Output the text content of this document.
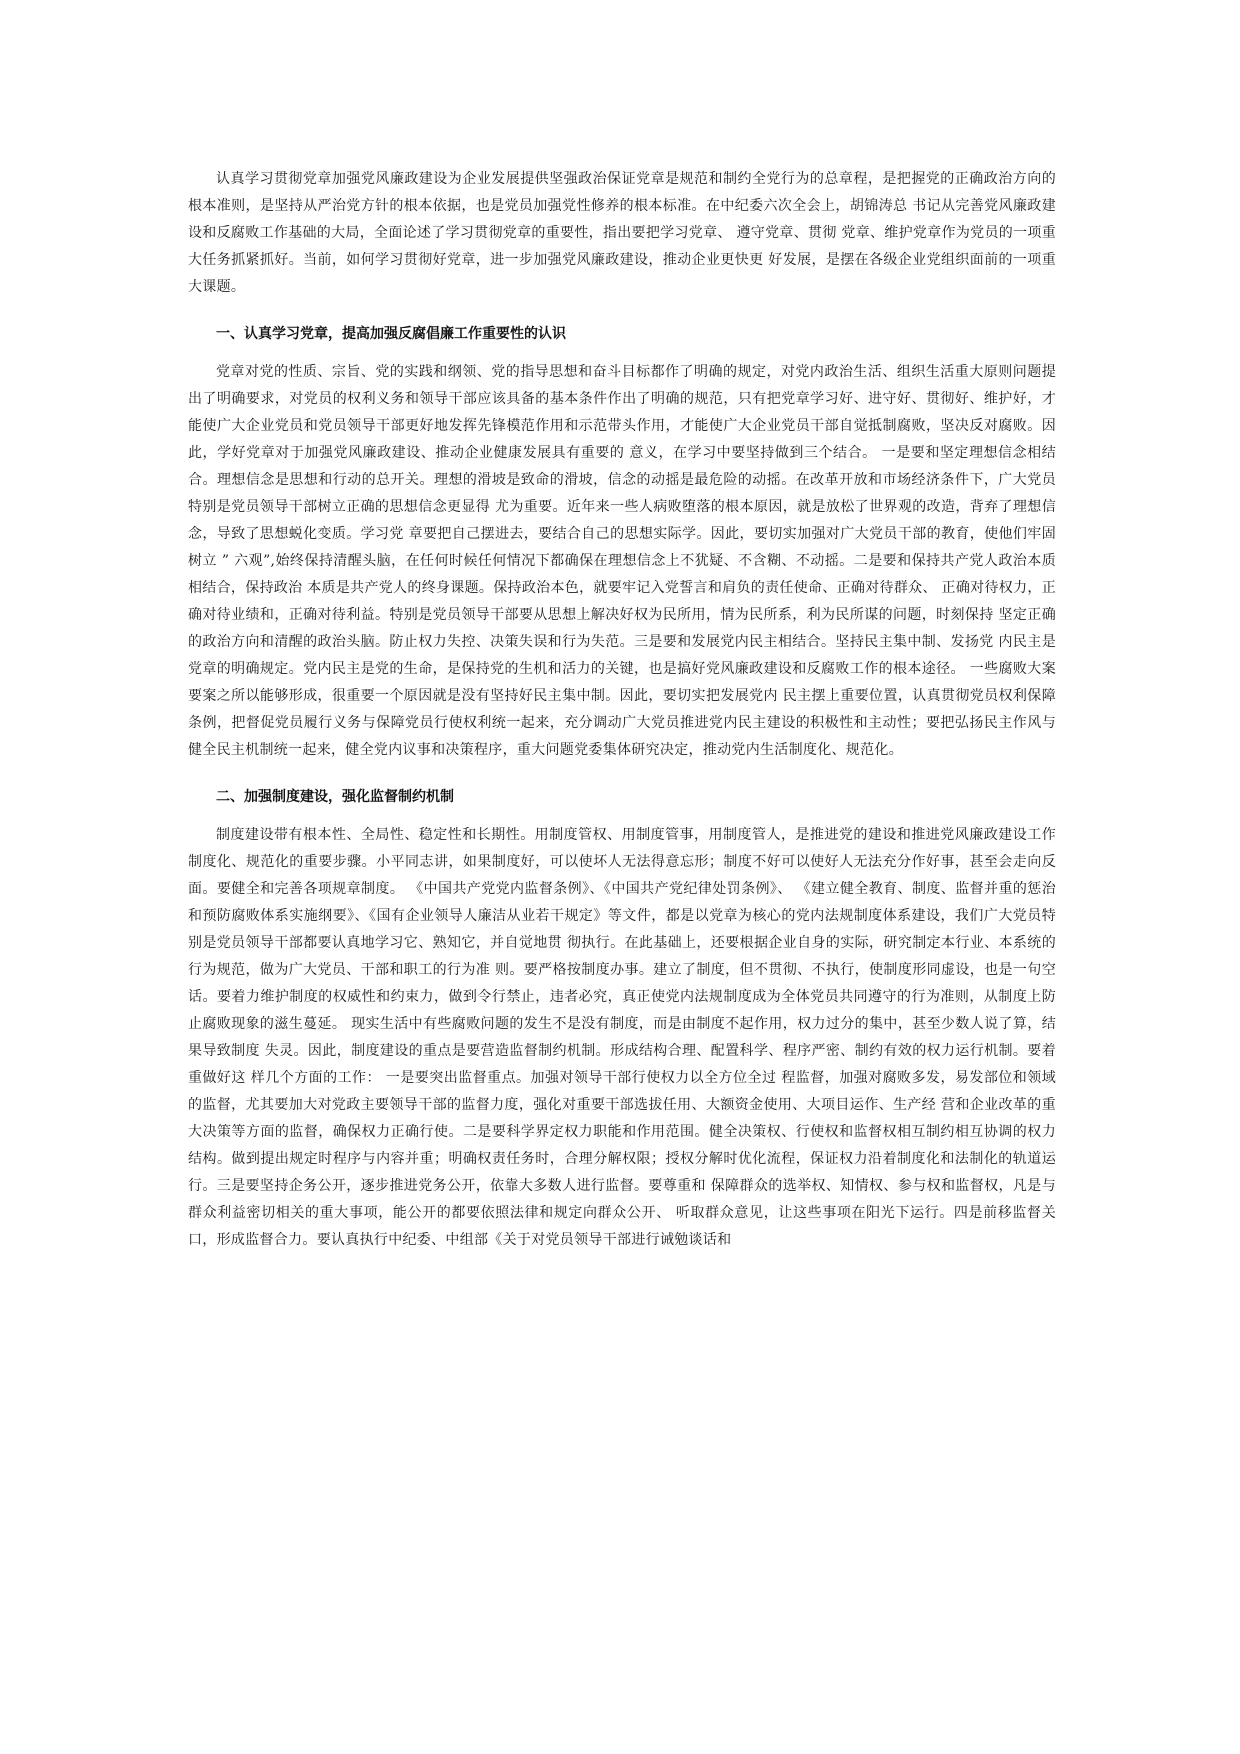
认真学习贯彻党章加强党风廉政建设为企业发展提供坚强政治保证党章是规范和制约全党行为的总章程，是把握党的正确政治方向的根本准则，是坚持从严治党方针的根本依据，也是党员加强党性修养的根本标准。在中纪委六次全会上，胡锦涛总 书记从完善党风廉政建设和反腐败工作基础的大局，全面论述了学习贯彻党章的重要性，指出要把学习党章、 遵守党章、贯彻 党章、维护党章作为党员的一项重大任务抓紧抓好。当前，如何学习贯彻好党章，进一步加强党风廉政建设，推动企业更快更 好发展，是摆在各级企业党组织面前的一项重大课题。

一、认真学习党章，提高加强反腐倡廉工作重要性的认识

党章对党的性质、宗旨、党的实践和纲领、党的指导思想和奋斗目标都作了明确的规定，对党内政治生活、组织生活重大原则问题提出了明确要求，对党员的权利义务和领导干部应该具备的基本条件作出了明确的规范，只有把党章学习好、进守好、贯彻好、维护好，才能使广大企业党员和党员领导干部更好地发挥先锋模范作用和示范带头作用，才能使广大企业党员干部自觉抵制腐败，坚决反对腐败。因此，学好党章对于加强党风廉政建设、推动企业健康发展具有重要的 意义，在学习中要坚持做到三个结合。 一是要和坚定理想信念相结合。理想信念是思想和行动的总开关。理想的滑坡是致命的滑坡，信念的动摇是最危险的动摇。在改革开放和市场经济条件下，广大党员特别是党员领导干部树立正确的思想信念更显得 尤为重要。近年来一些人病败堕落的根本原因，就是放松了世界观的改造，背弃了理想信念，导致了思想蜕化变质。学习党 章要把自己摆进去，要结合自己的思想实际学。因此，要切实加强对广大党员干部的教育，使他们牢固树立 ” 六观”,始终保持清醒头脑，在任何时候任何情况下都确保在理想信念上不犹疑、不含糊、不动摇。二是要和保持共产党人政治本质相结合，保持政治 本质是共产党人的终身课题。保持政治本色，就要牢记入党誓言和肩负的责任使命、正确对待群众、 正确对待权力，正确对待业绩和，正确对待利益。特别是党员领导干部要从思想上解决好权为民所用，情为民所系，利为民所谋的问题，时刻保持 坚定正确的政治方向和清醒的政治头脑。防止权力失控、决策失误和行为失范。三是要和发展党内民主相结合。坚持民主集中制、发扬党 内民主是党章的明确规定。党内民主是党的生命，是保持党的生机和活力的关键，也是搞好党风廉政建设和反腐败工作的根本途径。 一些腐败大案要案之所以能够形成，很重要一个原因就是没有坚持好民主集中制。因此，要切实把发展党内 民主摆上重要位置，认真贯彻党员权利保障条例，把督促党员履行义务与保障党员行使权利统一起来，充分调动广大党员推进党内民主建设的积极性和主动性；要把弘扬民主作风与健全民主机制统一起来，健全党内议事和决策程序，重大问题党委集体研究决定，推动党内生活制度化、规范化。

二、加强制度建设，强化监督制约机制

制度建设带有根本性、全局性、稳定性和长期性。用制度管权、用制度管事，用制度管人，是推进党的建设和推进党风廉政建设工作制度化、规范化的重要步骤。小平同志讲，如果制度好，可以使坏人无法得意忘形；制度不好可以使好人无法充分作好事，甚至会走向反面。要健全和完善各项规章制度。 《中国共产党党内监督条例》、《中国共产党纪律处罚条例》、 《建立健全教育、制度、监督并重的惩治和预防腐败体系实施纲要》、《国有企业领导人廉洁从业若干规定》等文件，都是以党章为核心的党内法规制度体系建设，我们广大党员特别是党员领导干部都要认真地学习它、熟知它，并自觉地贯 彻执行。在此基础上，还要根据企业自身的实际，研究制定本行业、本系统的行为规范，做为广大党员、干部和职工的行为准 则。要严格按制度办事。建立了制度，但不贯彻、不执行，使制度形同虚设，也是一句空话。要着力维护制度的权威性和约束力，做到令行禁止，违者必究，真正使党内法规制度成为全体党员共同遵守的行为准则，从制度上防止腐败现象的滋生蔓延。 现实生活中有些腐败问题的发生不是没有制度，而是由制度不起作用，权力过分的集中，甚至少数人说了算，结果导致制度 失灵。因此，制度建设的重点是要营造监督制约机制。形成结构合理、配置科学、程序严密、制约有效的权力运行机制。要着重做好这 样几个方面的工作： 一是要突出监督重点。加强对领导干部行使权力以全方位全过 程监督，加强对腐败多发，易发部位和领域的监督，尤其要加大对党政主要领导干部的监督力度，强化对重要干部选拔任用、大额资金使用、大项目运作、生产经 营和企业改革的重大决策等方面的监督，确保权力正确行使。二是要科学界定权力职能和作用范围。健全决策权、行使权和监督权相互制约相互协调的权力结构。做到提出规定时程序与内容并重；明确权责任务时，合理分解权限；授权分解时优化流程，保证权力沿着制度化和法制化的轨道运行。三是要坚持企务公开，逐步推进党务公开，依靠大多数人进行监督。要尊重和 保障群众的选举权、知情权、参与权和监督权，凡是与群众利益密切相关的重大事项，能公开的都要依照法律和规定向群众公开、 听取群众意见，让这些事项在阳光下运行。四是前移监督关口，形成监督合力。要认真执行中纪委、中组部《关于对党员领导干部进行诫勉谈话和
